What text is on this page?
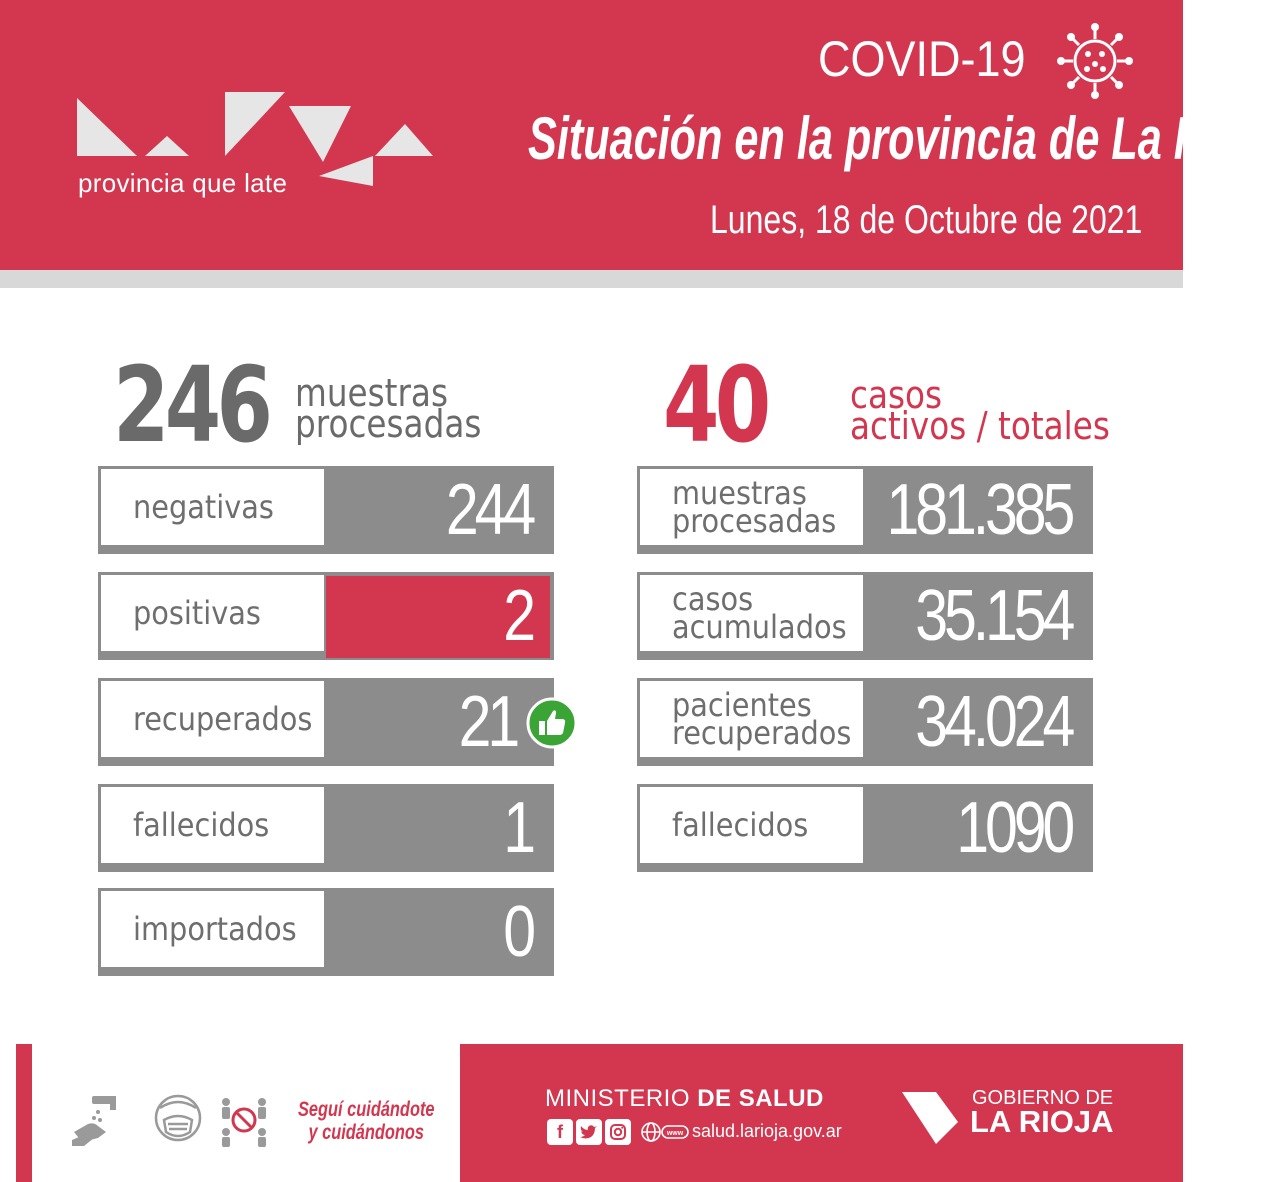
provincia que late
COVID-19
Situación en la provincia de La Rioja
Lunes, 18 de Octubre de 2021
246 muestras
procesadas 40 casos
activos / totales
negativas 244
positivas	2
recuperados 21
fallecidos	1
importados	0
muestras
procesadas 181.385
casos
acumulados 35.154
pacientes
recuperados 34.024
fallecidos 1090
Seguí cuidándote
y cuidándonos
MINISTERIO DE SALUD
f	www salud.larioja.gov.ar
GOBIERNO DE
LA RIOJA
